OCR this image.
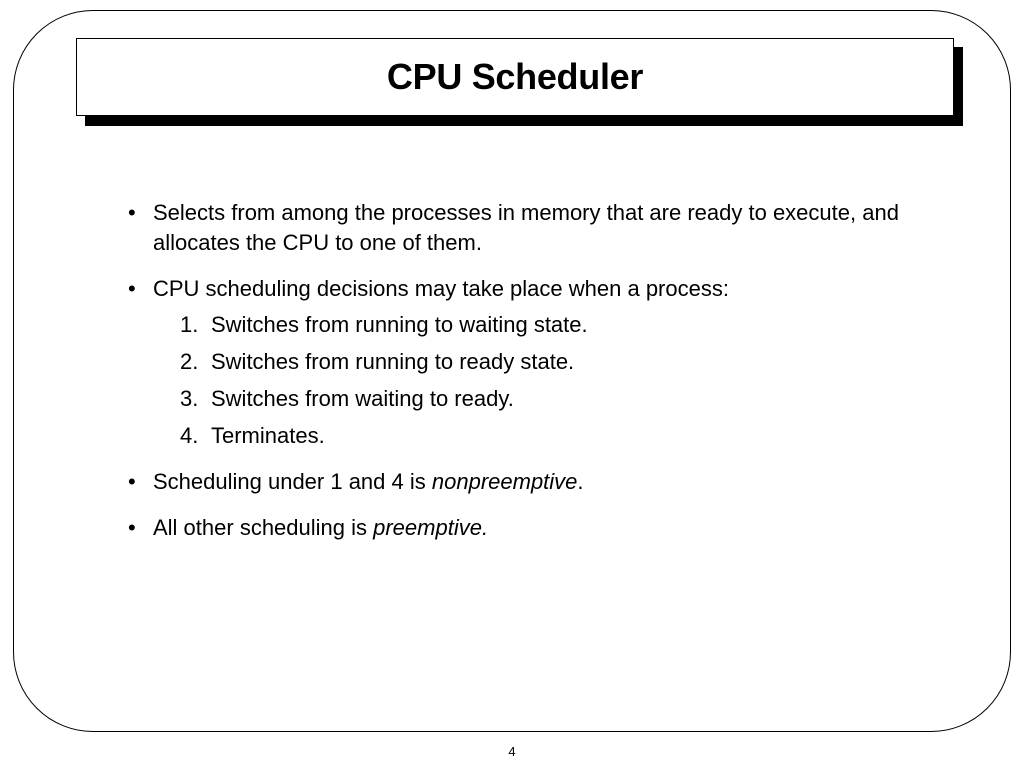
CPU Scheduler
• Selects from among the processes in memory that are ready to execute, and allocates the CPU to one of them.
• CPU scheduling decisions may take place when a process:
1. Switches from running to waiting state.
2. Switches from running to ready state.
3. Switches from waiting to ready.
4. Terminates.
• Scheduling under 1 and 4 is nonpreemptive.
• All other scheduling is preemptive.
4
